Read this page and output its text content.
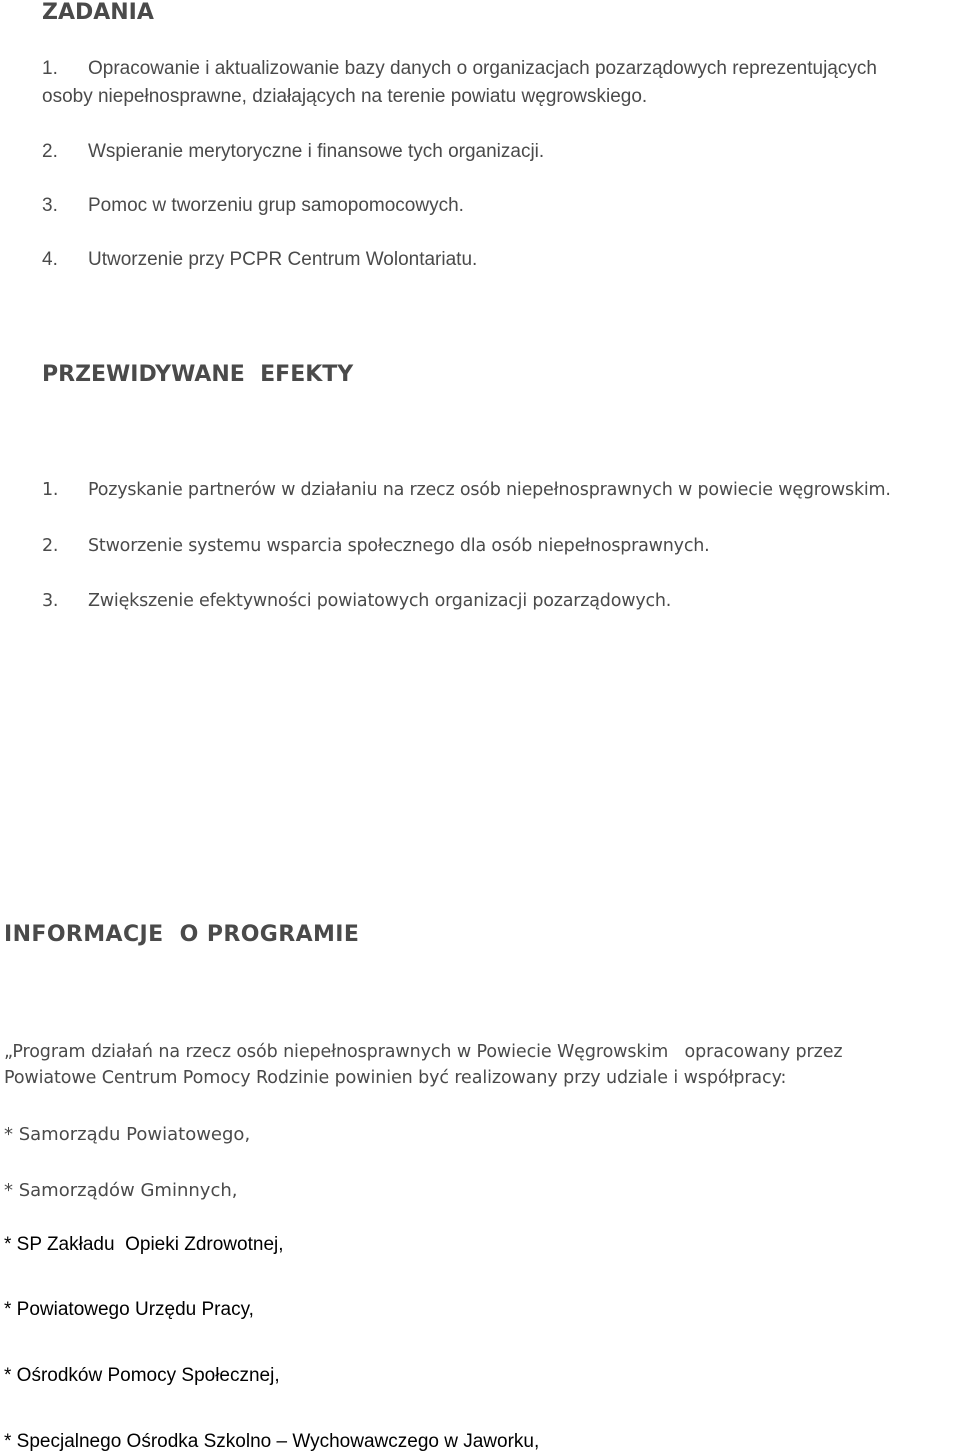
ZADANIA
1. Opracowanie i aktualizowanie bazy danych o organizacjach pozarządowych reprezentujących
osoby niepełnosprawne, działających na terenie powiatu węgrowskiego.
2. Wspieranie merytoryczne i finansowe tych organizacji.
3. Pomoc w tworzeniu grup samopomocowych.
4. Utworzenie przy PCPR Centrum Wolontariatu.
PRZEWIDYWANE  EFEKTY
1. Pozyskanie partnerów w działaniu na rzecz osób niepełnosprawnych w powiecie węgrowskim.
2. Stworzenie systemu wsparcia społecznego dla osób niepełnosprawnych.
3. Zwiększenie efektywności powiatowych organizacji pozarządowych.
INFORMACJE  O PROGRAMIE
„Program działań na rzecz osób niepełnosprawnych w Powiecie Węgrowskim   opracowany przez
Powiatowe Centrum Pomocy Rodzinie powinien być realizowany przy udziale i współpracy:
* Samorządu Powiatowego,
* Samorządów Gminnych,
* SP Zakładu  Opieki Zdrowotnej,
* Powiatowego Urzędu Pracy,
* Ośrodków Pomocy Społecznej,
* Specjalnego Ośrodka Szkolno – Wychowawczego w Jaworku,
